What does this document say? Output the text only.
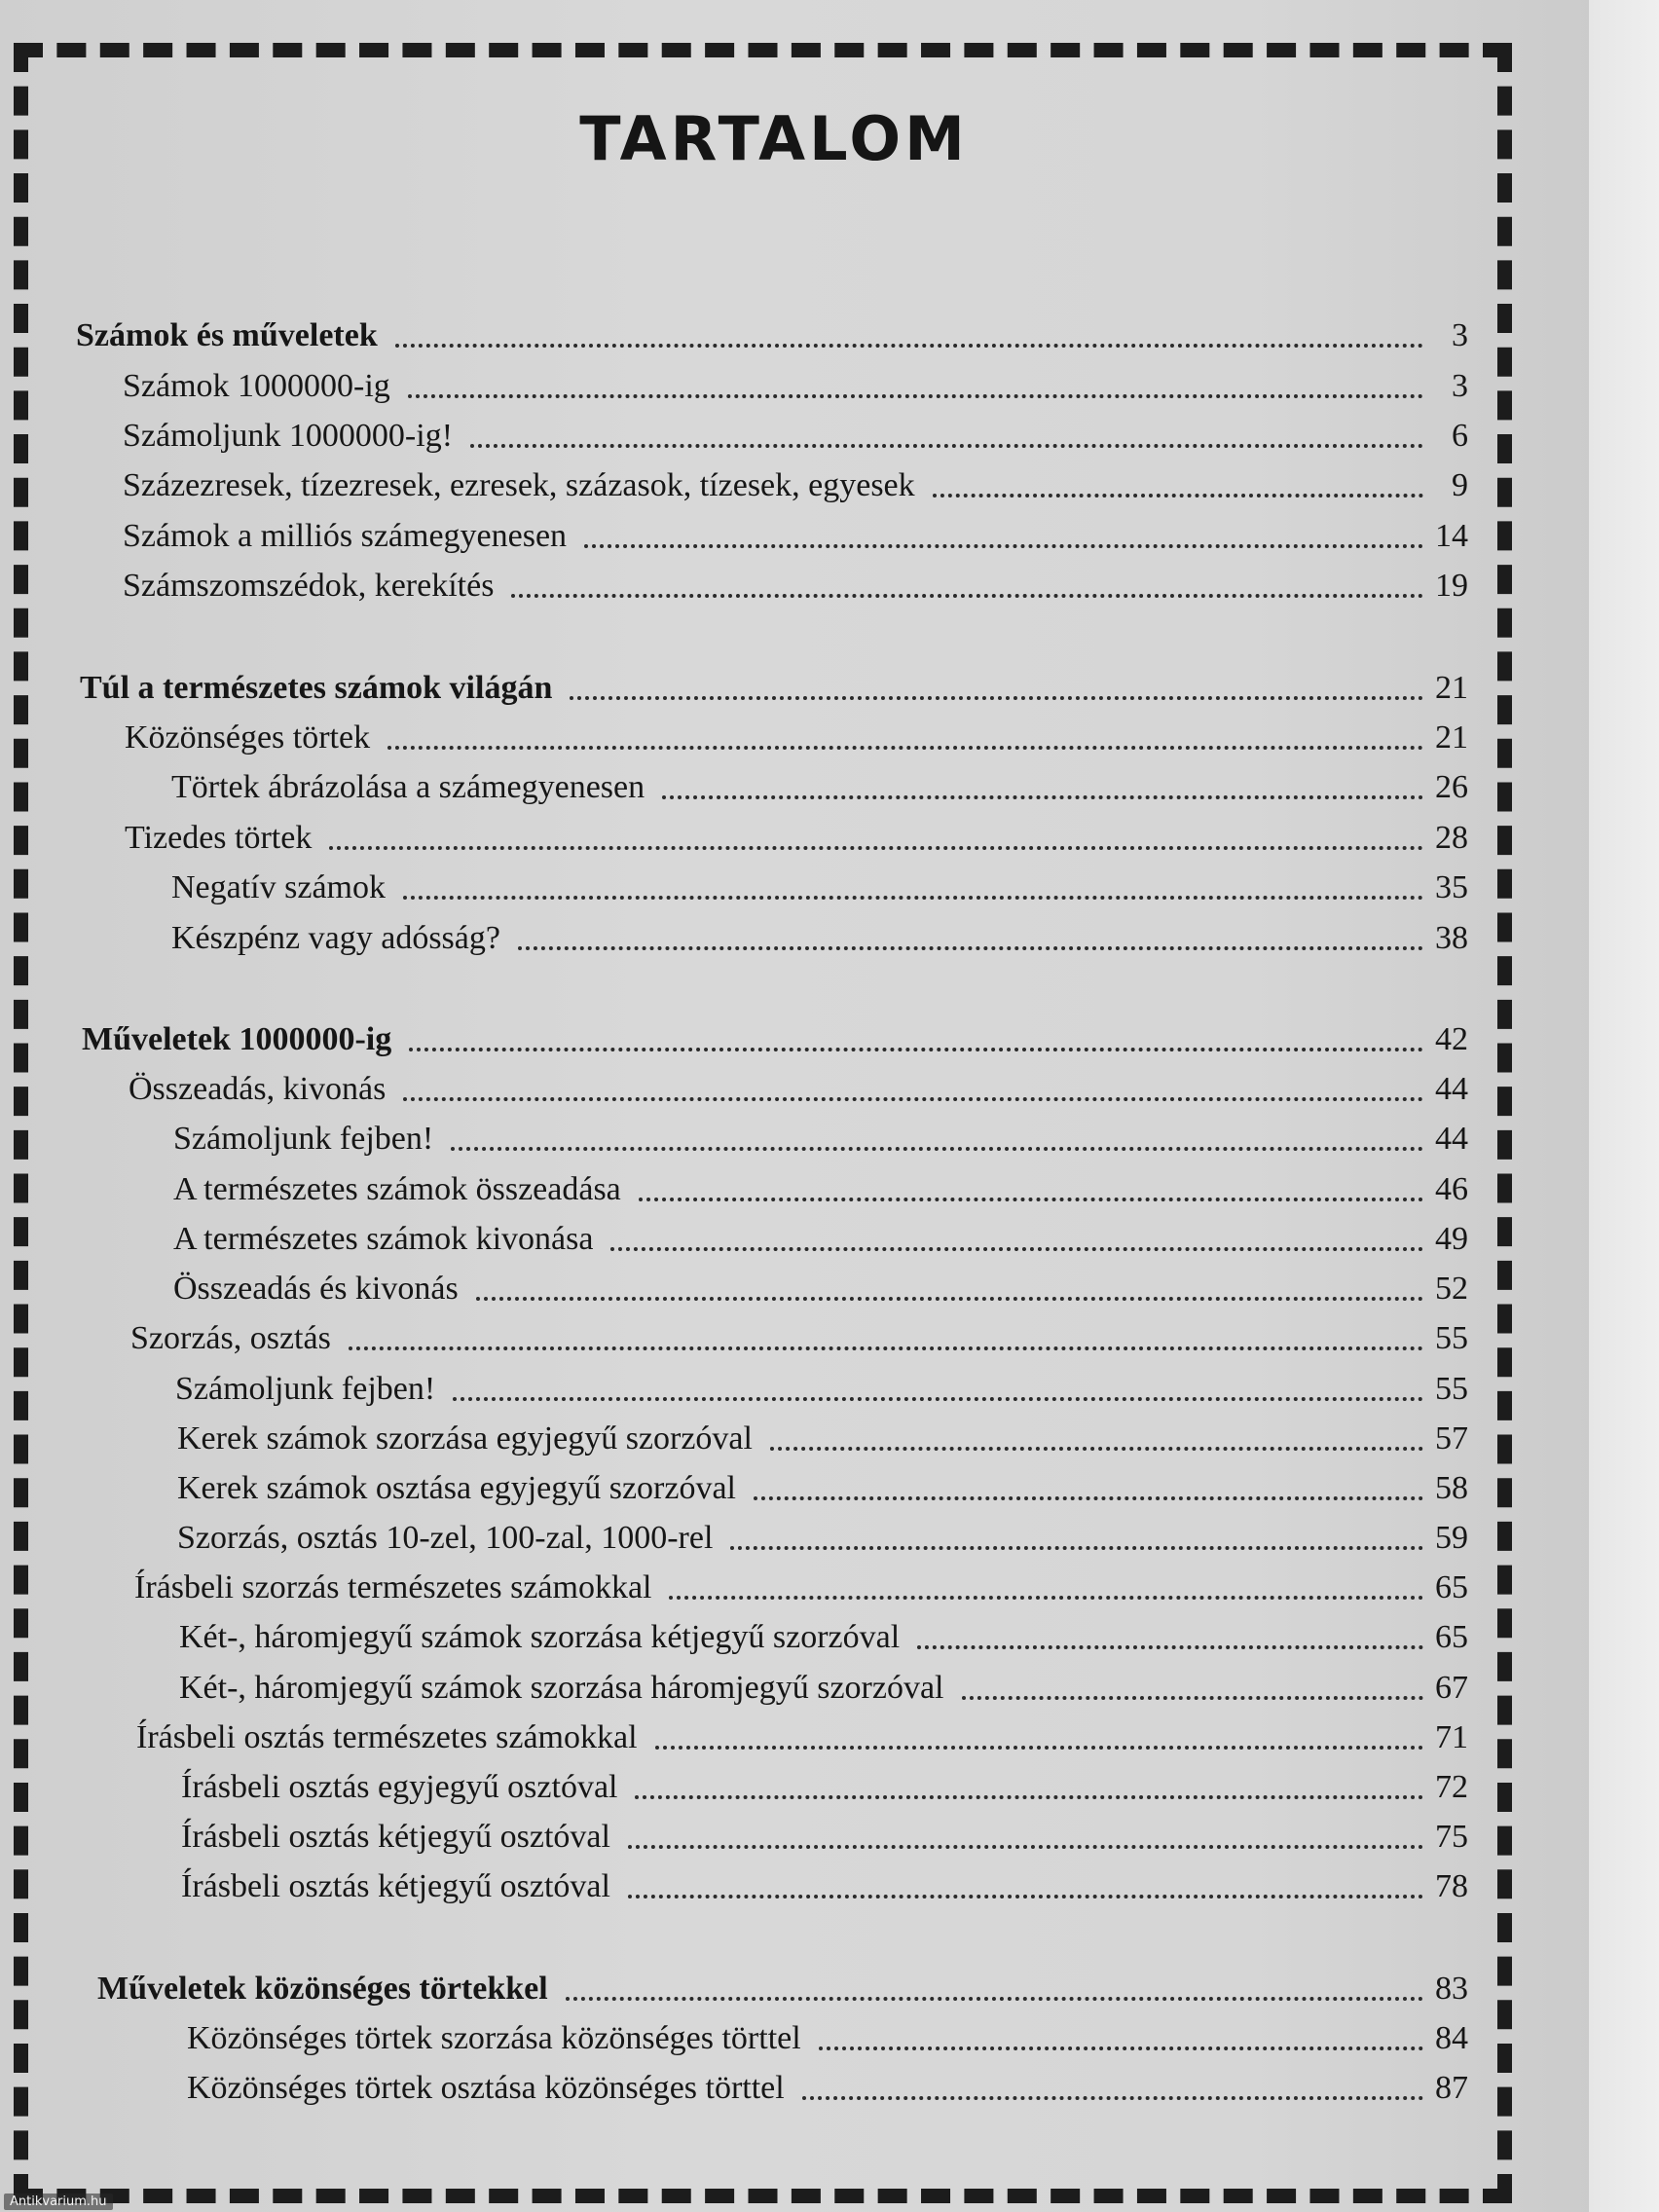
TARTALOM
Számok és műveletek	3
Számok 1000000-ig	3
Számoljunk 1000000-ig!	6
Százezresek, tízezresek, ezresek, százasok, tízesek, egyesek	9
Számok a milliós számegyenesen	14
Számszomszédok, kerekítés	19
Túl a természetes számok világán	21
Közönséges törtek	21
Törtek ábrázolása a számegyenesen	26
Tizedes törtek	28
Negatív számok	35
Készpénz vagy adósság?	38
Műveletek 1000000-ig	42
Összeadás, kivonás	44
Számoljunk fejben!	44
A természetes számok összeadása	46
A természetes számok kivonása	49
Összeadás és kivonás	52
Szorzás, osztás	55
Számoljunk fejben!	55
Kerek számok szorzása egyjegyű szorzóval	57
Kerek számok osztása egyjegyű szorzóval	58
Szorzás, osztás 10-zel, 100-zal, 1000-rel	59
Írásbeli szorzás természetes számokkal	65
Két-, háromjegyű számok szorzása kétjegyű szorzóval	65
Két-, háromjegyű számok szorzása háromjegyű szorzóval	67
Írásbeli osztás természetes számokkal	71
Írásbeli osztás egyjegyű osztóval	72
Írásbeli osztás kétjegyű osztóval	75
Írásbeli osztás kétjegyű osztóval	78
Műveletek közönséges törtekkel	83
Közönséges törtek szorzása közönséges törttel	84
Közönséges törtek osztása közönséges törttel	87
Antikvarium.hu
